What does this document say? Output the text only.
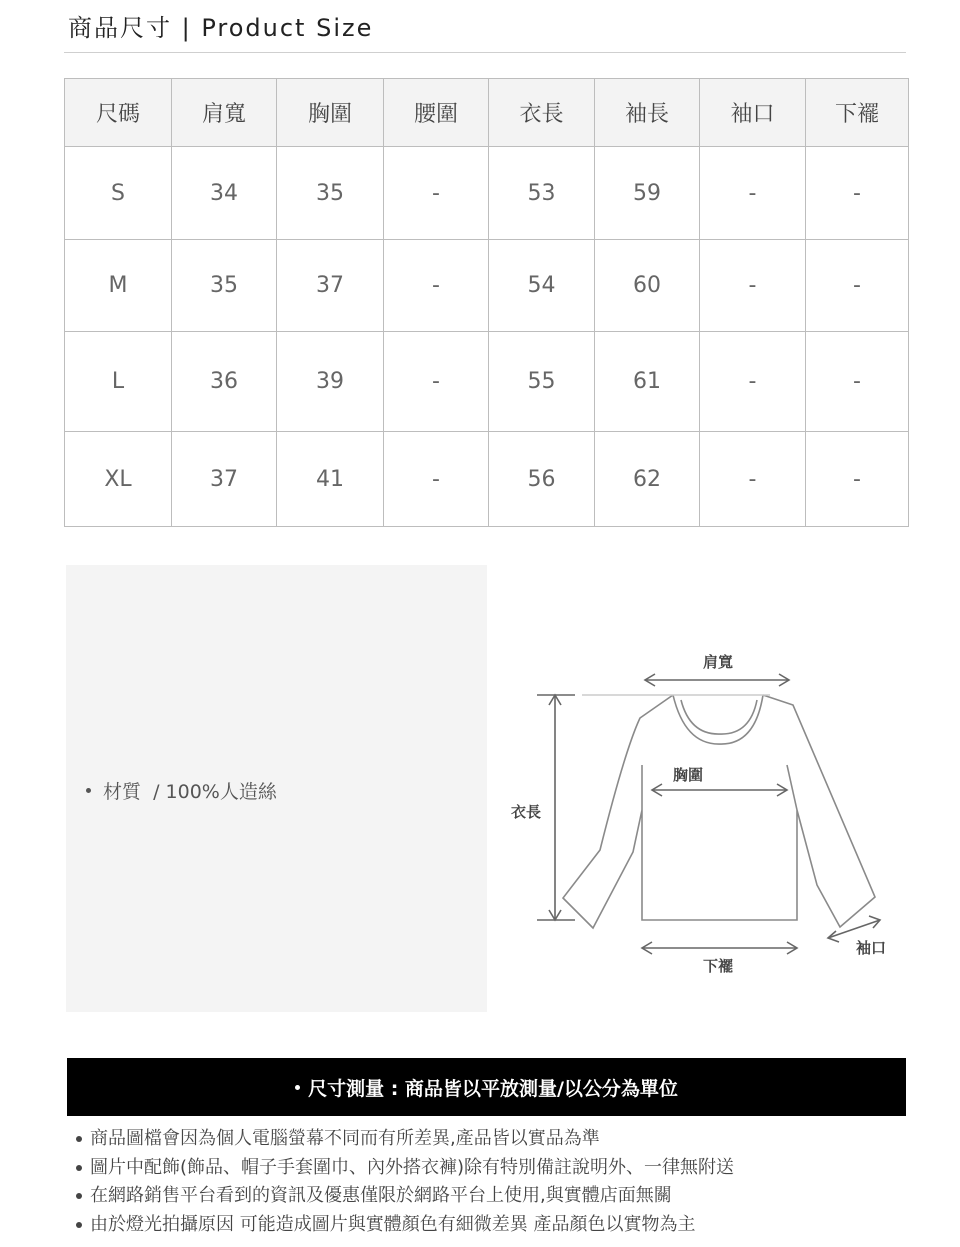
商品尺寸 | Product Size
尺碼	肩寬	胸圍	腰圍	衣長	袖長	袖口	下襬
S	34	35	-	53	59	-	-
M	35	37	-	54	60	-	-
L	36	39	-	55	61	-	-
XL	37	41	-	56	62	-	-
材質  / 100%人造絲
肩寬
胸圍
衣長
下襬
袖口
尺寸測量 : 商品皆以平放測量/以公分為單位
商品圖檔會因為個人電腦螢幕不同而有所差異,產品皆以實品為準
圖片中配飾(飾品、帽子手套圍巾、內外搭衣褲)除有特別備註說明外、一律無附送
在網路銷售平台看到的資訊及優惠僅限於網路平台上使用,與實體店面無關
由於燈光拍攝原因 可能造成圖片與實體顏色有細微差異 產品顏色以實物為主
